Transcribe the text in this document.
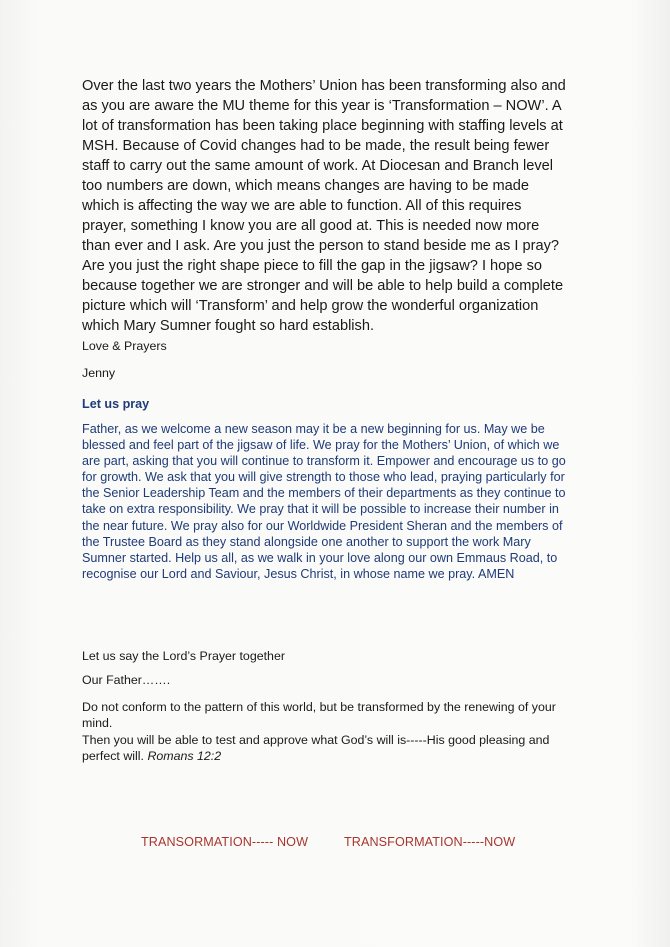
Over the last two years the Mothers’ Union has been transforming also and as you are aware the MU theme for this year is ‘Transformation – NOW’. A lot of transformation has been taking place beginning with staffing levels at MSH. Because of Covid changes had to be made, the result being fewer staff to carry out the same amount of work. At Diocesan and Branch level too numbers are down, which means changes are having to be made which is affecting the way we are able to function. All of this requires prayer, something I know you are all good at. This is needed now more than ever and I ask. Are you just the person to stand beside me as I pray? Are you just the right shape piece to fill the gap in the jigsaw? I hope so because together we are stronger and will be able to help build a complete picture which will ‘Transform’ and help grow the wonderful organization which Mary Sumner fought so hard establish.

Love & Prayers

Jenny

Let us pray
Father, as we welcome a new season may it be a new beginning for us. May we be blessed and feel part of the jigsaw of life. We pray for the Mothers’ Union, of which we are part, asking that you will continue to transform it. Empower and encourage us to go for growth. We ask that you will give strength to those who lead, praying particularly for the Senior Leadership Team and the members of their departments as they continue to take on extra responsibility. We pray that it will be possible to increase their number in the near future. We pray also for our Worldwide President Sheran and the members of the Trustee Board as they stand alongside one another to support the work Mary Sumner started. Help us all, as we walk in your love along our own Emmaus Road, to recognise our Lord and Saviour, Jesus Christ, in whose name we pray. AMEN
Let us say the Lord’s Prayer together
Our Father…….
Do not conform to the pattern of this world, but be transformed by the renewing of your mind.
Then you will be able to test and approve what God’s will is-----His good pleasing and perfect will. Romans 12:2
TRANSORMATION----- NOW	TRANSFORMATION-----NOW
